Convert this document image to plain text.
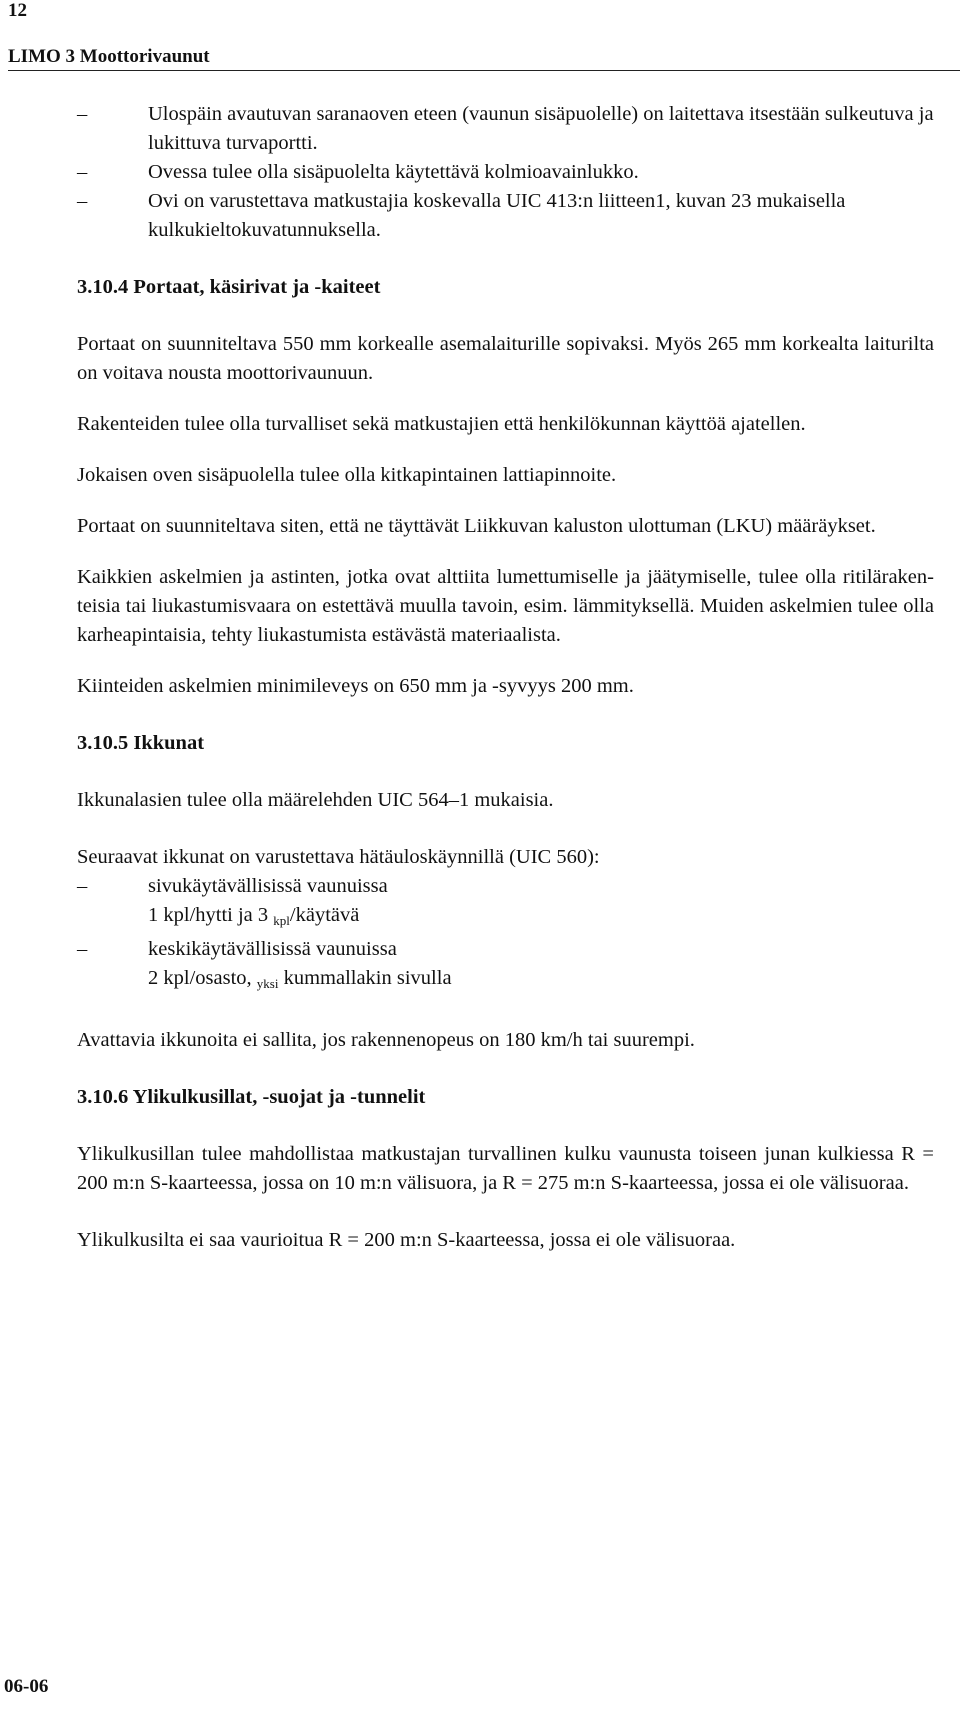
12
LIMO 3 Moottorivaunut
–	Ulospäin avautuvan saranaoven eteen (vaunun sisäpuolelle) on laitettava itsestään sulkeutuva ja lukittuva turvaportti.
–	Ovessa tulee olla sisäpuolelta käytettävä kolmioavainlukko.
–	Ovi on varustettava matkustajia koskevalla UIC 413:n liitteen1, kuvan 23 mukaisella kulkukieltokuvatunnuksella.

3.10.4 Portaat, käsirivat ja -kaiteet

Portaat on suunniteltava 550 mm korkealle asemalaiturille sopivaksi. Myös 265 mm korkealta laiturilta on voitava nousta moottorivaunuun.

Rakenteiden tulee olla turvalliset sekä matkustajien että henkilökunnan käyttöä ajatellen.

Jokaisen oven sisäpuolella tulee olla kitkapintainen lattiapinnoite.

Portaat on suunniteltava siten, että ne täyttävät Liikkuvan kaluston ulottuman (LKU) määräykset.

Kaikkien askelmien ja astinten, jotka ovat alttiita lumettumiselle ja jäätymiselle, tulee olla ritilärakenteisia tai liukastumisvaara on estettävä muulla tavoin, esim. lämmityksellä. Muiden askelmien tulee olla karheapintaisia, tehty liukastumista estävästä materiaalista.

Kiinteiden askelmien minimileveys on 650 mm ja -syvyys 200 mm.

3.10.5 Ikkunat

Ikkunalasien tulee olla määrelehden UIC 564–1 mukaisia.

Seuraavat ikkunat on varustettava hätäuloskäynnillä (UIC 560):

–	sivukäytävällisissä vaunuissa
1 kpl/hytti ja 3 $_{kpl}$/käytävä
–	keskikäytävällisissä vaunuissa
2 kpl/osasto, $_{yksi}$ kummallakin sivulla

Avattavia ikkunoita ei sallita, jos rakennenopeus on 180 km/h tai suurempi.

3.10.6 Ylikulkusillat, -suojat ja -tunnelit

Ylikulkusillan tulee mahdollistaa matkustajan turvallinen kulku vaunusta toiseen junan kulkiessa R = 200 m:n S-kaarteessa, jossa on 10 m:n välisuora, ja R = 275 m:n S-kaarteessa, jossa ei ole välisuoraa.

Ylikulkusilta ei saa vaurioitua R = 200 m:n S-kaarteessa, jossa ei ole välisuoraa.

06-06
